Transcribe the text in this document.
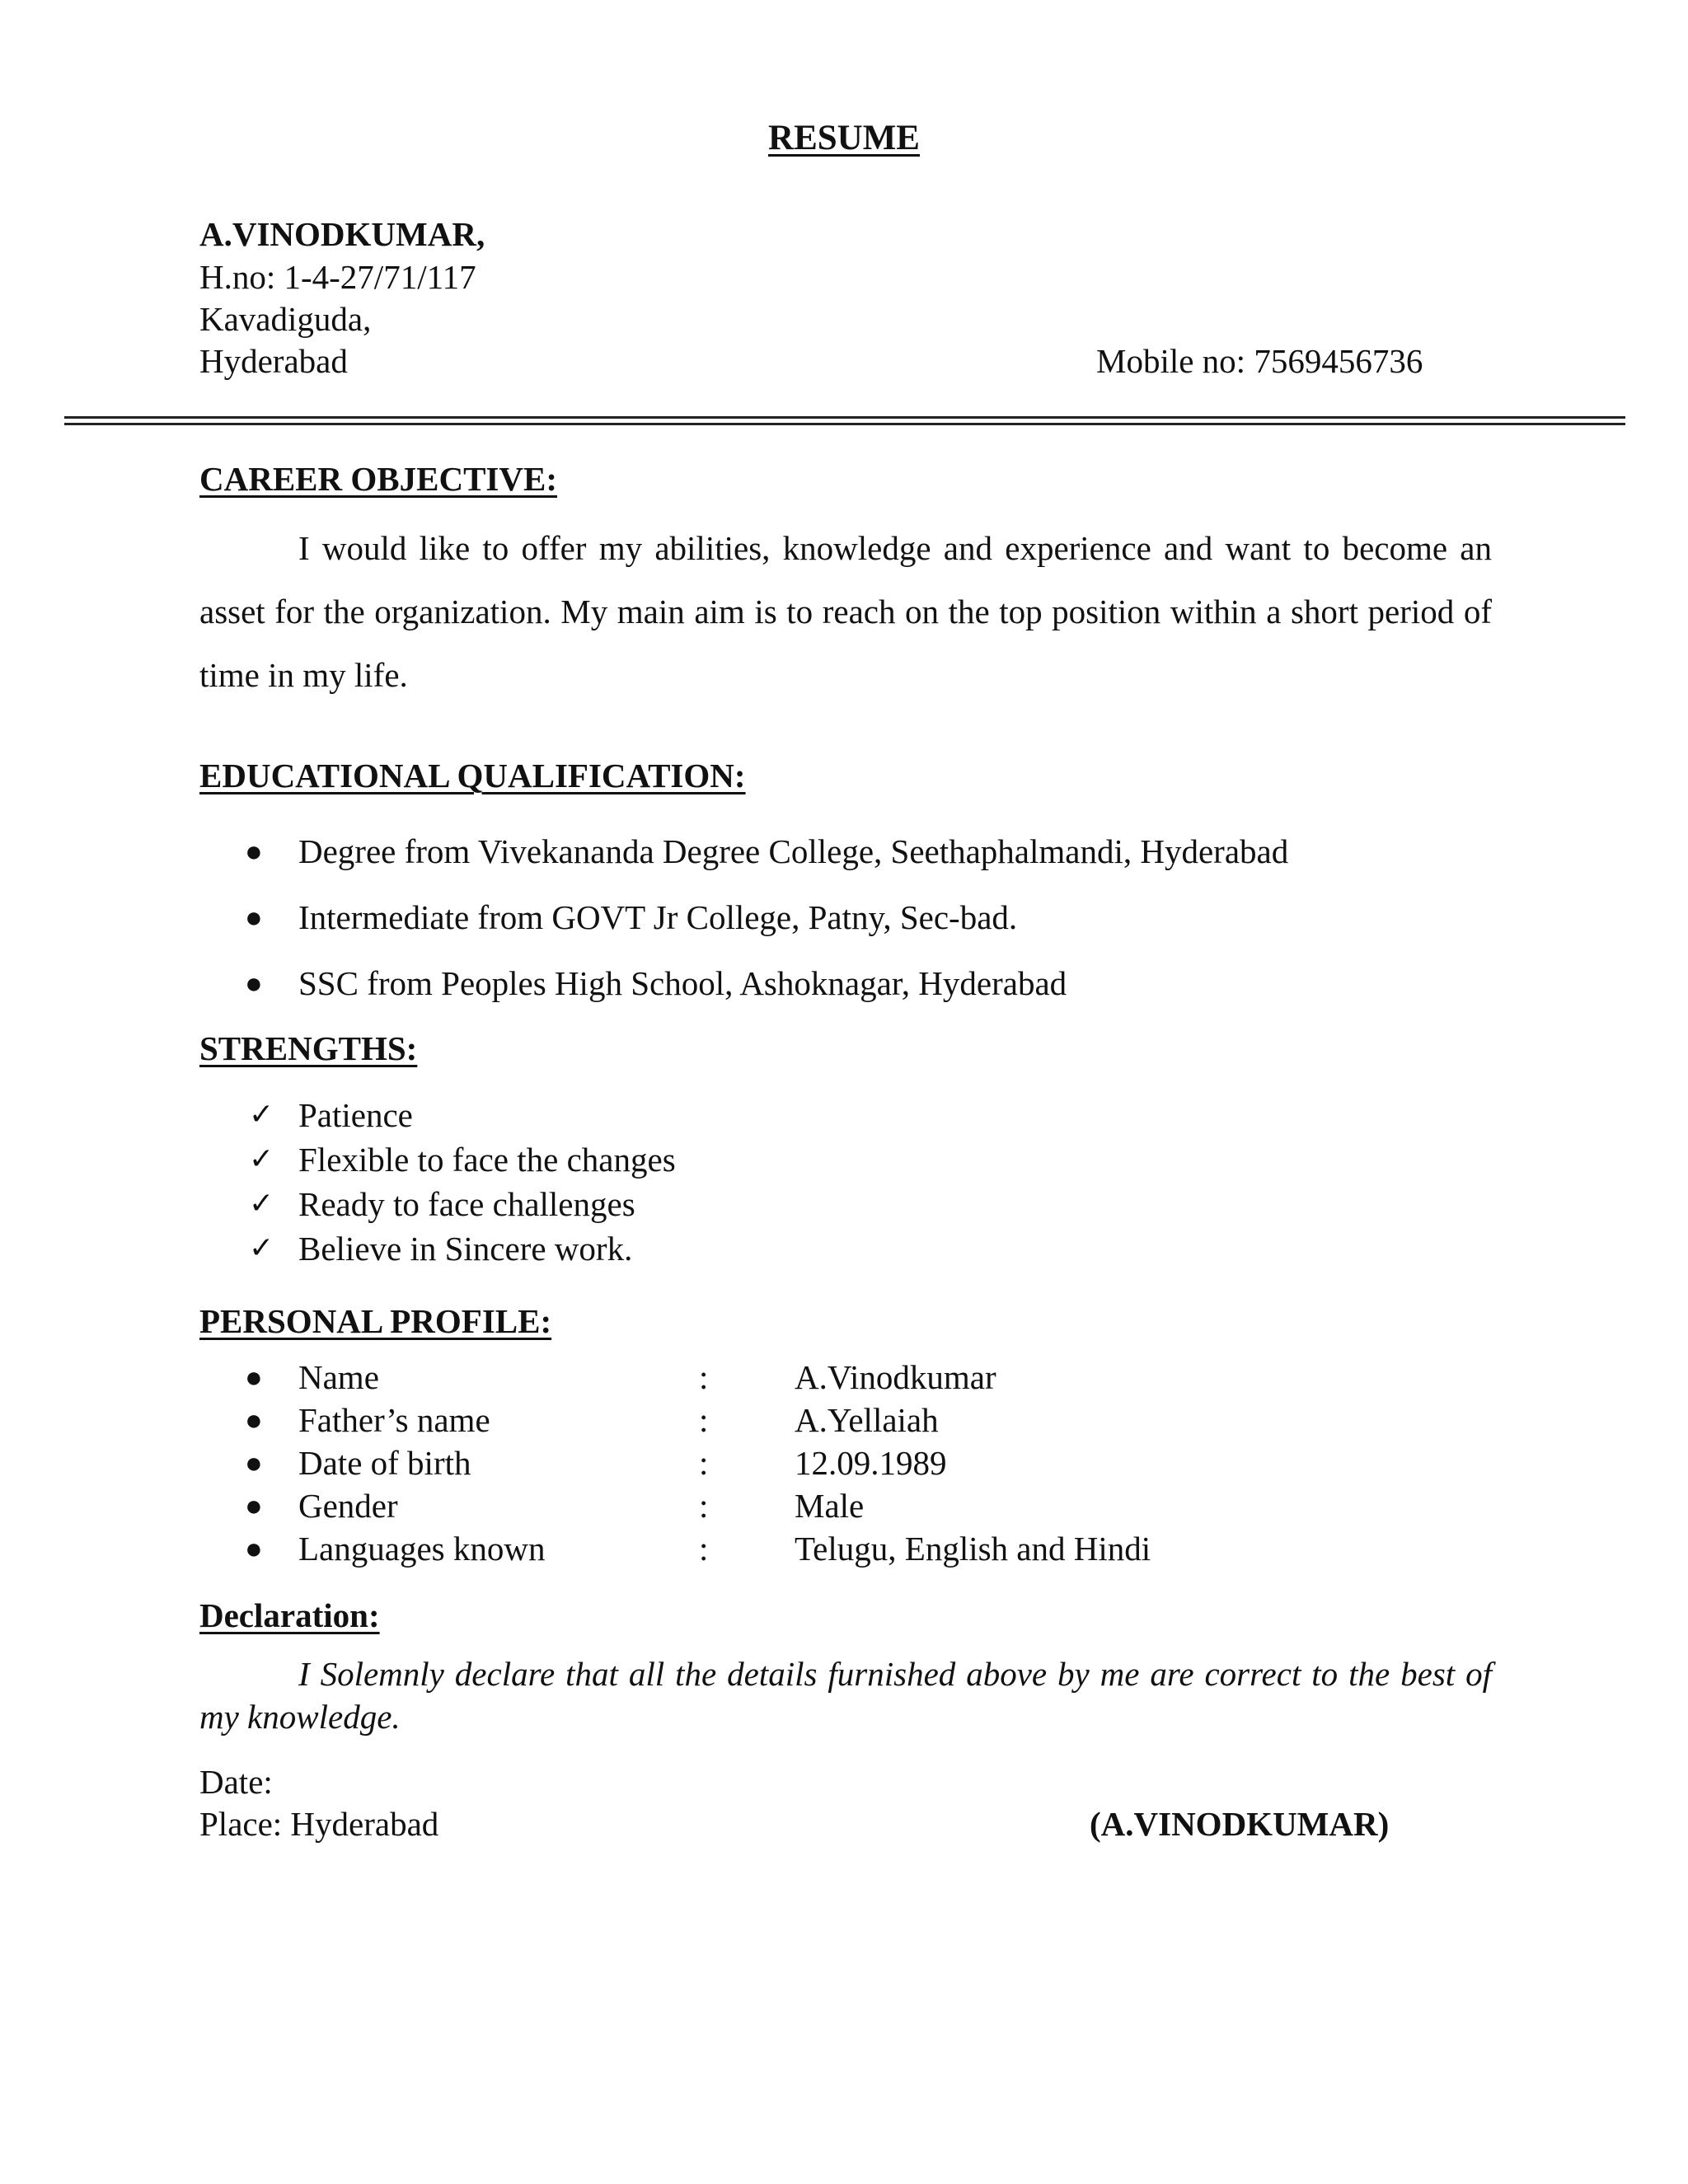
RESUME
A.VINODKUMAR,
H.no: 1-4-27/71/117
Kavadiguda,
Hyderabad	Mobile no: 7569456736
CAREER OBJECTIVE:
I would like to offer my abilities, knowledge and experience and want to become an asset for the organization. My main aim is to reach on the top position within a short period of time in my life.
EDUCATIONAL QUALIFICATION:
● Degree from Vivekananda Degree College, Seethaphalmandi, Hyderabad
● Intermediate from GOVT Jr College, Patny, Sec-bad.
● SSC from Peoples High School, Ashoknagar, Hyderabad
STRENGTHS:
✓ Patience
✓ Flexible to face the changes
✓ Ready to face challenges
✓ Believe in Sincere work.
PERSONAL PROFILE:
● Name	:	A.Vinodkumar
● Father’s name	:	A.Yellaiah
● Date of birth	:	12.09.1989
● Gender	:	Male
● Languages known	:	Telugu, English and Hindi
Declaration:
I Solemnly declare that all the details furnished above by me are correct to the best of my knowledge.
Date:
Place: Hyderabad	(A.VINODKUMAR)
